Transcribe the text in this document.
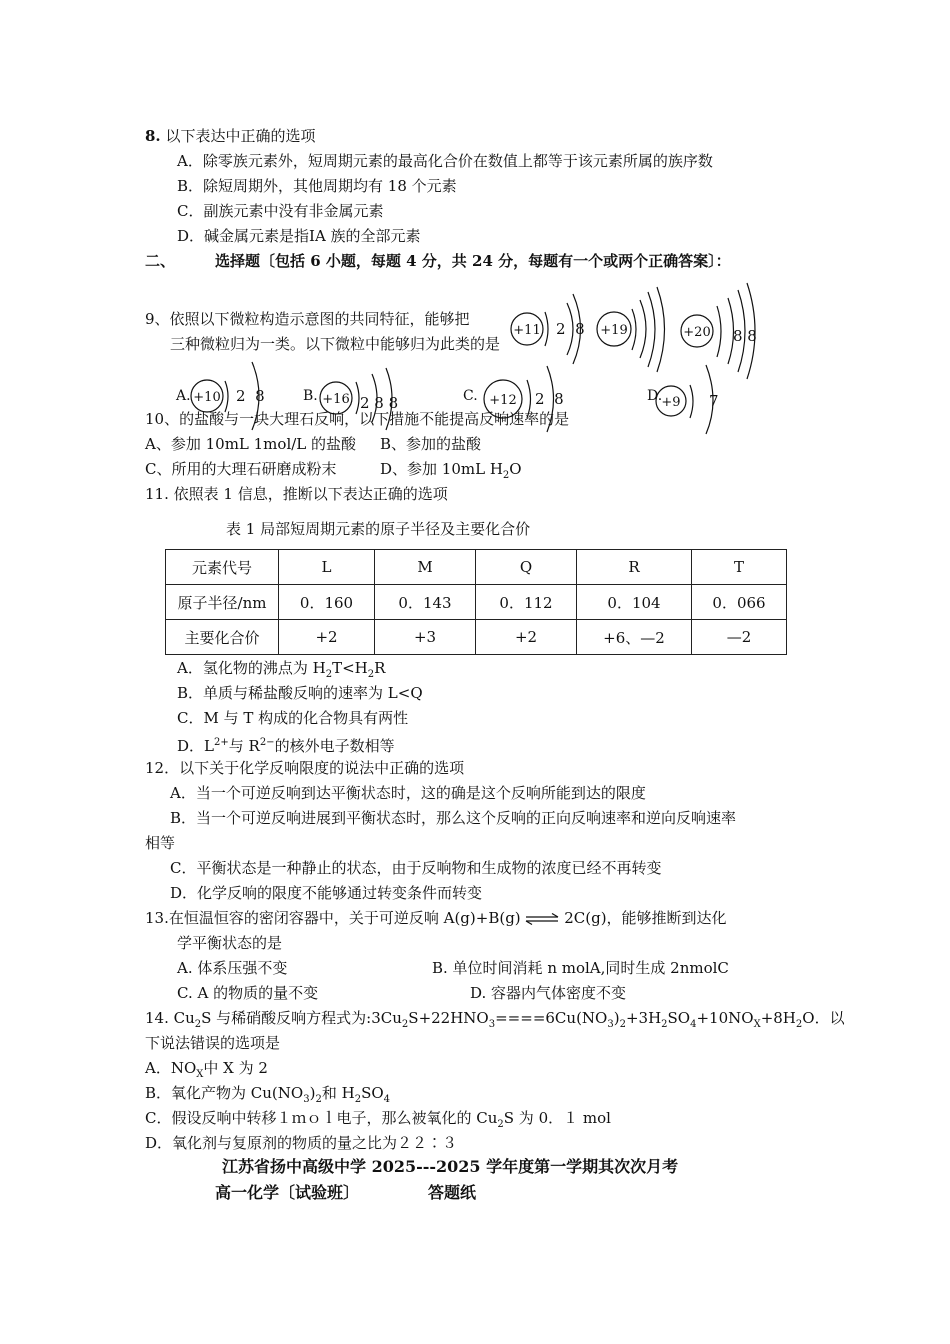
8. 以下表达中正确的选项
A．除零族元素外，短周期元素的最高化合价在数值上都等于该元素所属的族序数
B．除短周期外，其他周期均有 18 个元素
C．副族元素中没有非金属元素
D．碱金属元素是指ⅠA 族的全部元素
二、	选择题〔包括 6 小题，每题 4 分，共 24 分，每题有一个或两个正确答案〕：
9、依照以下微粒构造示意图的共同特征，能够把
三种微粒归为一类。以下微粒中能够归为此类的是
+11 2  8 +19	+20 8 8
A. +10 2  8	B. +16 2 8 8	C. +12 2  8	D. +9 7
10、的盐酸与一块大理石反响，以下措施不能提高反响速率的是
A、参加 10mL 1mol/L 的盐酸 B、参加的盐酸
C、所用的大理石研磨成粉末	D、参加 10mL $H_2O$
11. 依照表 1 信息，推断以下表达正确的选项
表 1 局部短周期元素的原子半径及主要化合价
元素代号	L	M	Q	R	T
原子半径/nm	0．160	0．143	0．112	0．104	0．066
主要化合价	+2	+3	+2	+6、—2	—2
A．氢化物的沸点为 $H_2T<H_2R$
B．单质与稀盐酸反响的速率为 L<Q
C．M 与 T 构成的化合物具有两性
D．$L^{2+}$与 $R^{2-}$的核外电子数相等
12．以下关于化学反响限度的说法中正确的选项
A．当一个可逆反响到达平衡状态时，这的确是这个反响所能到达的限度
B．当一个可逆反响进展到平衡状态时，那么这个反响的正向反响速率和逆向反响速率
相等
C．平衡状态是一种静止的状态，由于反响物和生成物的浓度已经不再转变
D．化学反响的限度不能够通过转变条件而转变
13.在恒温恒容的密闭容器中，关于可逆反响 A(g)+B(g) ⇌ 2C(g)，能够推断到达化
学平衡状态的是
A. 体系压强不变	B. 单位时间消耗 n molA,同时生成 2nmolC
C. A 的物质的量不变	D. 容器内气体密度不变
14. $Cu_2S$ 与稀硝酸反响方程式为$:3Cu_2S+22HNO_3====6Cu(NO_3)_2+3H_2SO_4+10NO_X+8H_2O$．以
下说法错误的选项是
A．$NO_X$中 X 为 2
B．氧化产物为 $Cu(NO_3)_2$和 $H_2SO_4$
C．假设反响中转移１ｍｏｌ电子，那么被氧化的 $Cu_2S$ 为 0．１ mol
D．氧化剂与复原剂的物质的量之比为２２∶３
江苏省扬中高级中学 2025---2025 学年度第一学期其次次月考
高一化学〔试验班〕	答题纸
